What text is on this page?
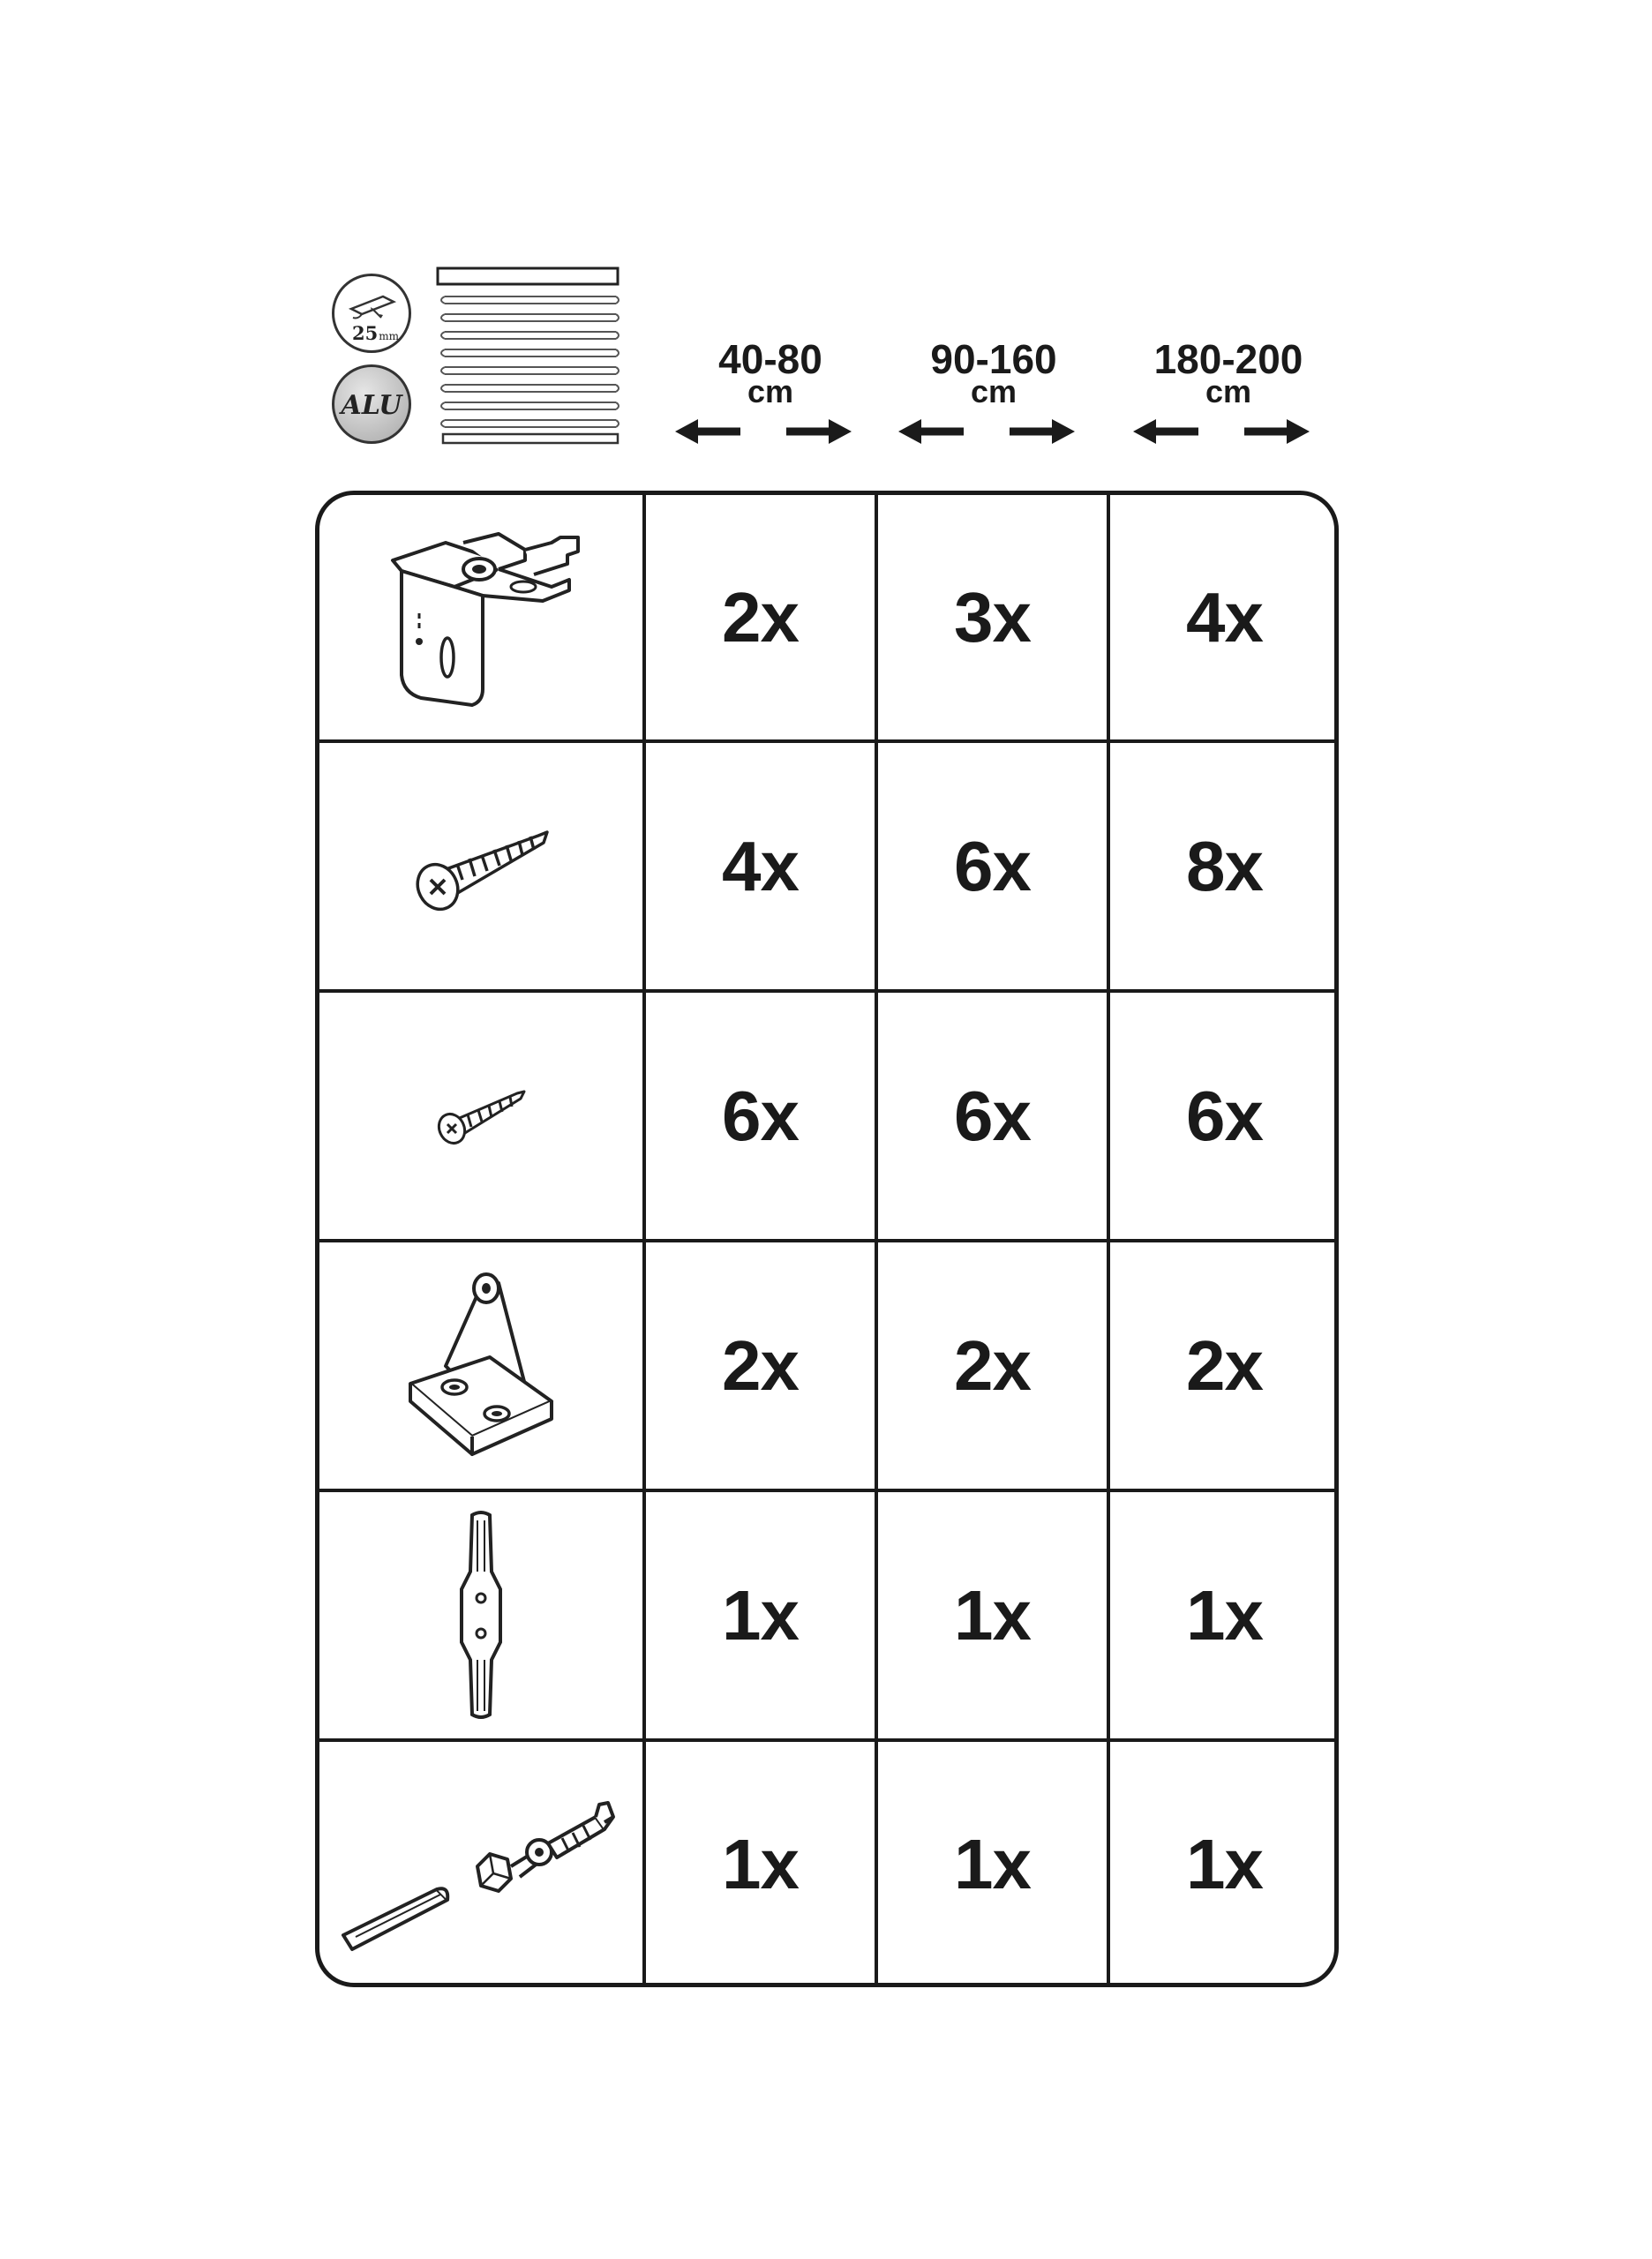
25mm
ALU
40-80
cm
90-160
cm
180-200
cm
2x	3x	4x
4x	6x	8x
6x	6x	6x
2x	2x	2x
1x	1x	1x
1x	1x	1x
